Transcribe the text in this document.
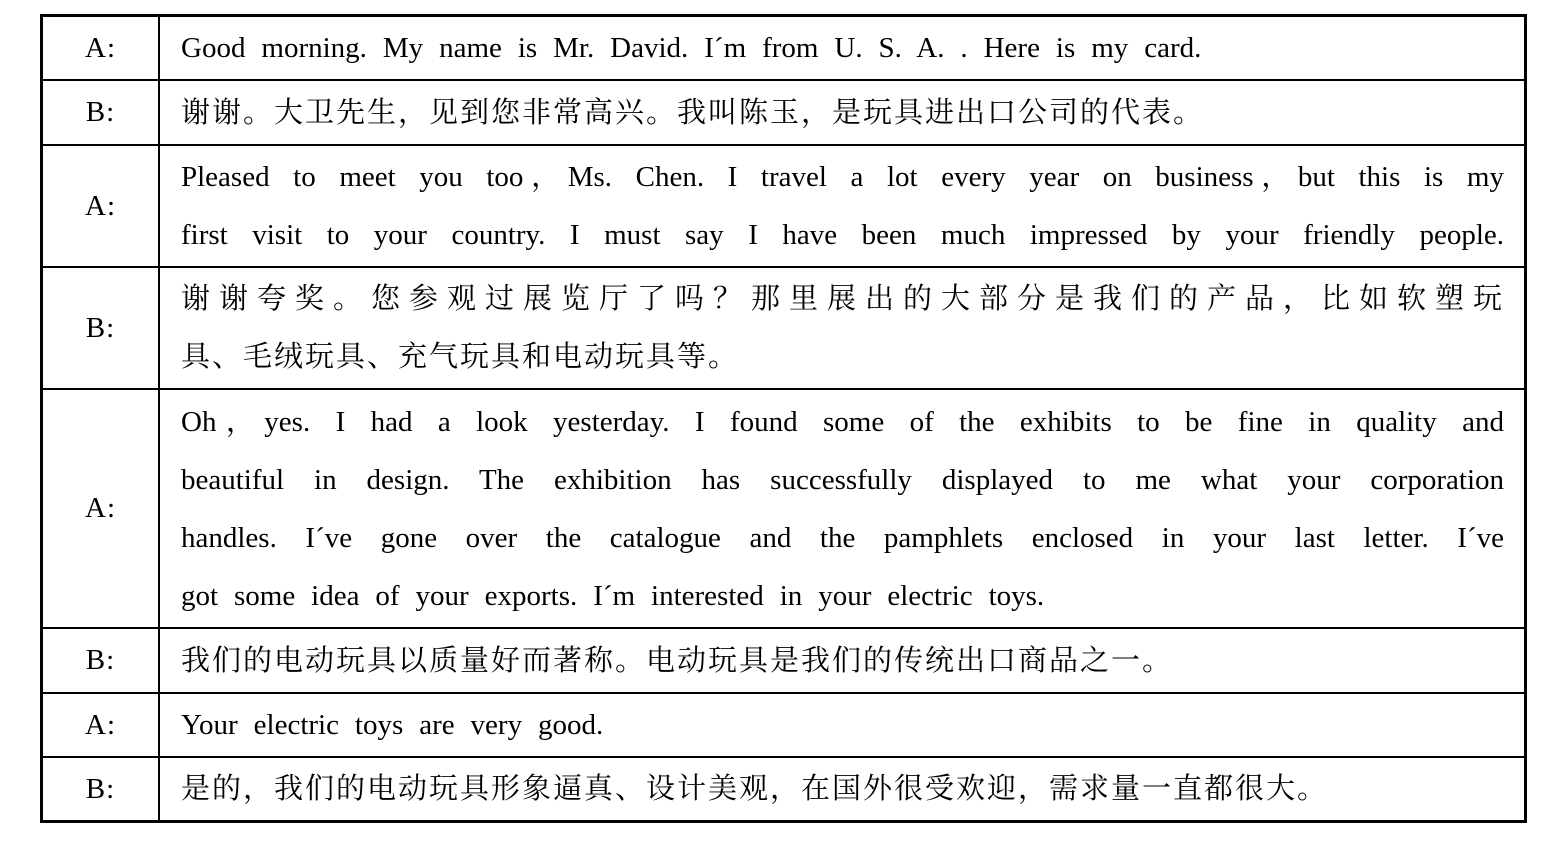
A:	Good morning. My name is Mr. David. I´m from U. S. A. . Here is my card.

B:	谢谢。大卫先生，见到您非常高兴。我叫陈玉，是玩具进出口公司的代表。

A:	Pleased to meet you too，Ms. Chen. I travel a lot every year on business，but this is my
first visit to your country. I must say I have been much impressed by your friendly people.

B:	谢谢夸奖。您参观过展览厅了吗？那里展出的大部分是我们的产品，比如软塑玩
具、毛绒玩具、充气玩具和电动玩具等。

A:	Oh，yes. I had a look yesterday. I found some of the exhibits to be fine in quality and
beautiful in design. The exhibition has successfully displayed to me what your corporation
handles. I´ve gone over the catalogue and the pamphlets enclosed in your last letter. I´ve
got some idea of your exports. I´m interested in your electric toys.

B:	我们的电动玩具以质量好而著称。电动玩具是我们的传统出口商品之一。

A:	Your electric toys are very good.

B:	是的，我们的电动玩具形象逼真、设计美观，在国外很受欢迎，需求量一直都很大。
